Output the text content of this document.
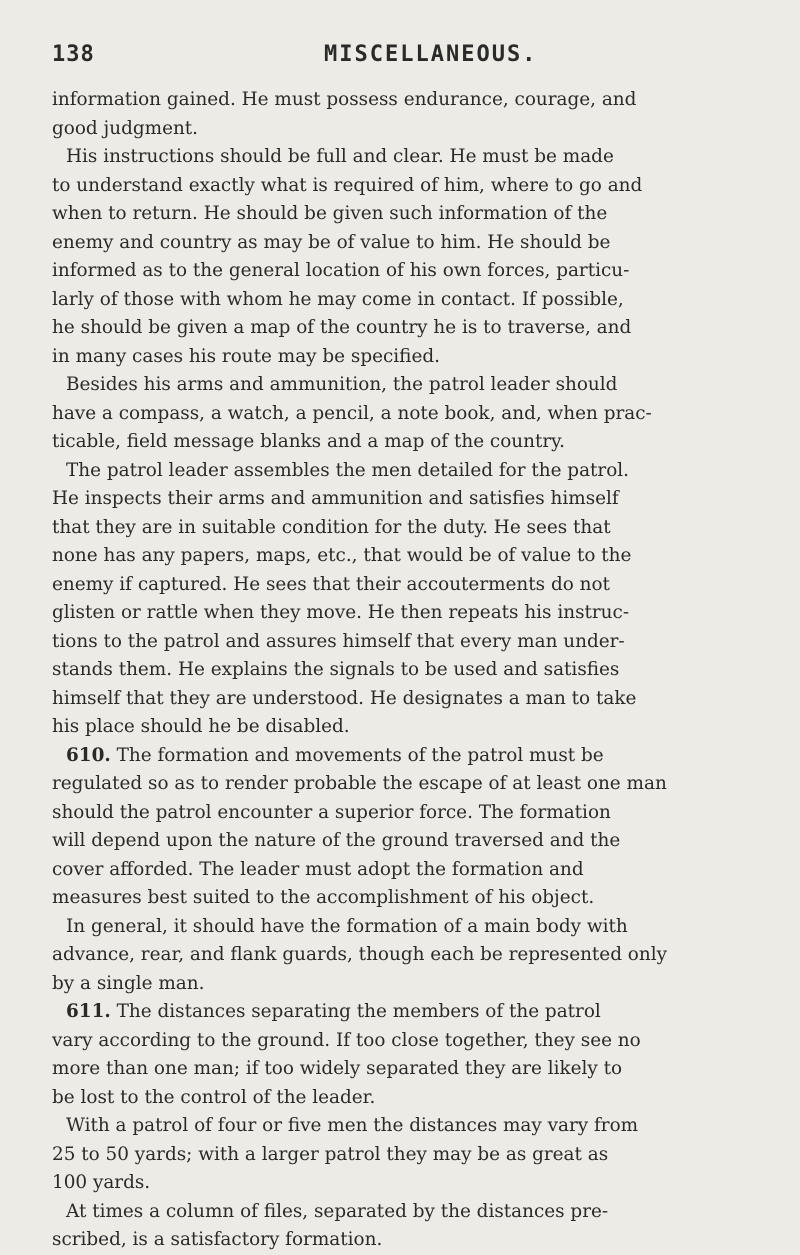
138	MISCELLANEOUS.
information gained. He must possess endurance, courage, and
good judgment.
His instructions should be full and clear. He must be made
to understand exactly what is required of him, where to go and
when to return. He should be given such information of the
enemy and country as may be of value to him. He should be
informed as to the general location of his own forces, particu-
larly of those with whom he may come in contact. If possible,
he should be given a map of the country he is to traverse, and
in many cases his route may be specified.
Besides his arms and ammunition, the patrol leader should
have a compass, a watch, a pencil, a note book, and, when prac-
ticable, field message blanks and a map of the country.
The patrol leader assembles the men detailed for the patrol.
He inspects their arms and ammunition and satisfies himself
that they are in suitable condition for the duty. He sees that
none has any papers, maps, etc., that would be of value to the
enemy if captured. He sees that their accouterments do not
glisten or rattle when they move. He then repeats his instruc-
tions to the patrol and assures himself that every man under-
stands them. He explains the signals to be used and satisfies
himself that they are understood. He designates a man to take
his place should he be disabled.
610. The formation and movements of the patrol must be
regulated so as to render probable the escape of at least one man
should the patrol encounter a superior force. The formation
will depend upon the nature of the ground traversed and the
cover afforded. The leader must adopt the formation and
measures best suited to the accomplishment of his object.
In general, it should have the formation of a main body with
advance, rear, and flank guards, though each be represented only
by a single man.
611. The distances separating the members of the patrol
vary according to the ground. If too close together, they see no
more than one man; if too widely separated they are likely to
be lost to the control of the leader.
With a patrol of four or five men the distances may vary from
25 to 50 yards; with a larger patrol they may be as great as
100 yards.
At times a column of files, separated by the distances pre-
scribed, is a satisfactory formation.
